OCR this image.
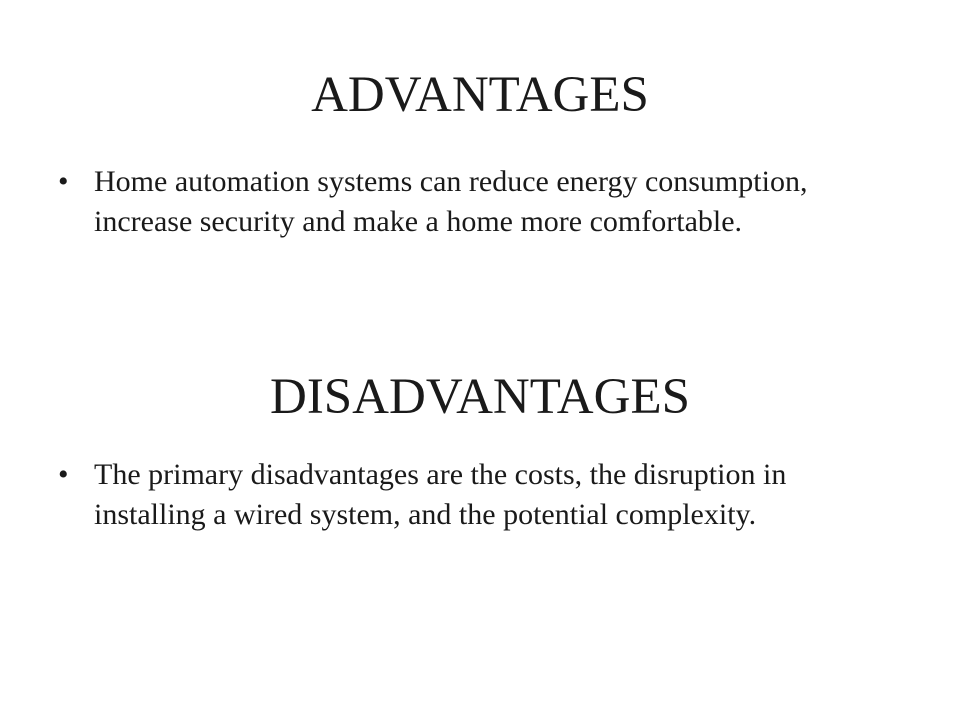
ADVANTAGES
• Home automation systems can reduce energy consumption, increase security and make a home more comfortable.
DISADVANTAGES
• The primary disadvantages are the costs, the disruption in installing a wired system, and the potential complexity.
